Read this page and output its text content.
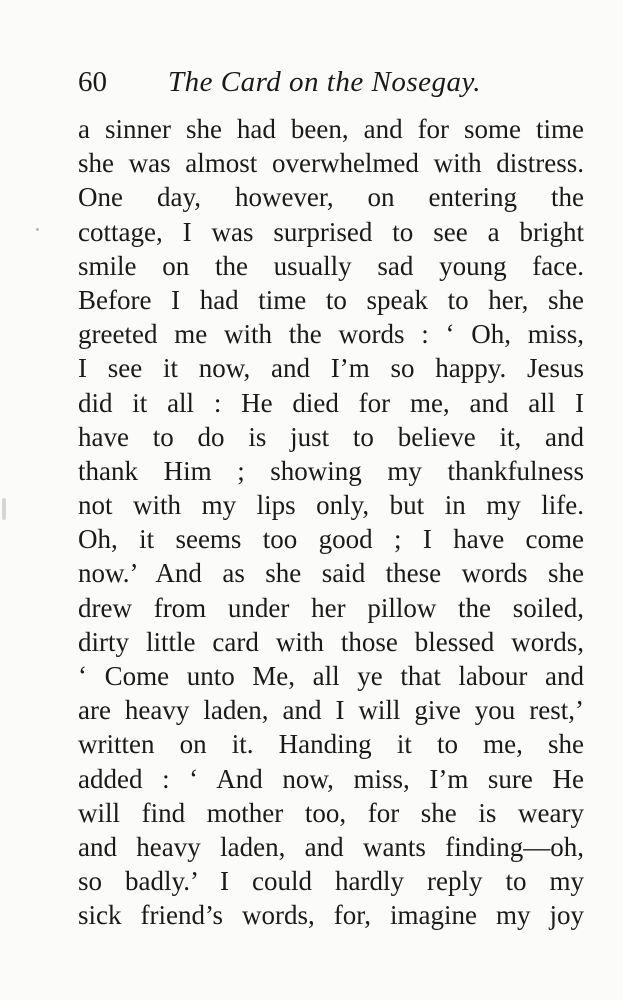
60 The Card on the Nosegay.
a sinner she had been, and for some time
she was almost overwhelmed with distress.
One day, however, on entering the
cottage, I was surprised to see a bright
smile on the usually sad young face.
Before I had time to speak to her, she
greeted me with the words : ‘ Oh, miss,
I see it now, and I’m so happy. Jesus
did it all : He died for me, and all I
have to do is just to believe it, and
thank Him ; showing my thankfulness
not with my lips only, but in my life.
Oh, it seems too good ; I have come
now.’ And as she said these words she
drew from under her pillow the soiled,
dirty little card with those blessed words,
‘ Come unto Me, all ye that labour and
are heavy laden, and I will give you rest,’
written on it. Handing it to me, she
added : ‘ And now, miss, I’m sure He
will find mother too, for she is weary
and heavy laden, and wants finding—oh,
so badly.’ I could hardly reply to my
sick friend’s words, for, imagine my joy
